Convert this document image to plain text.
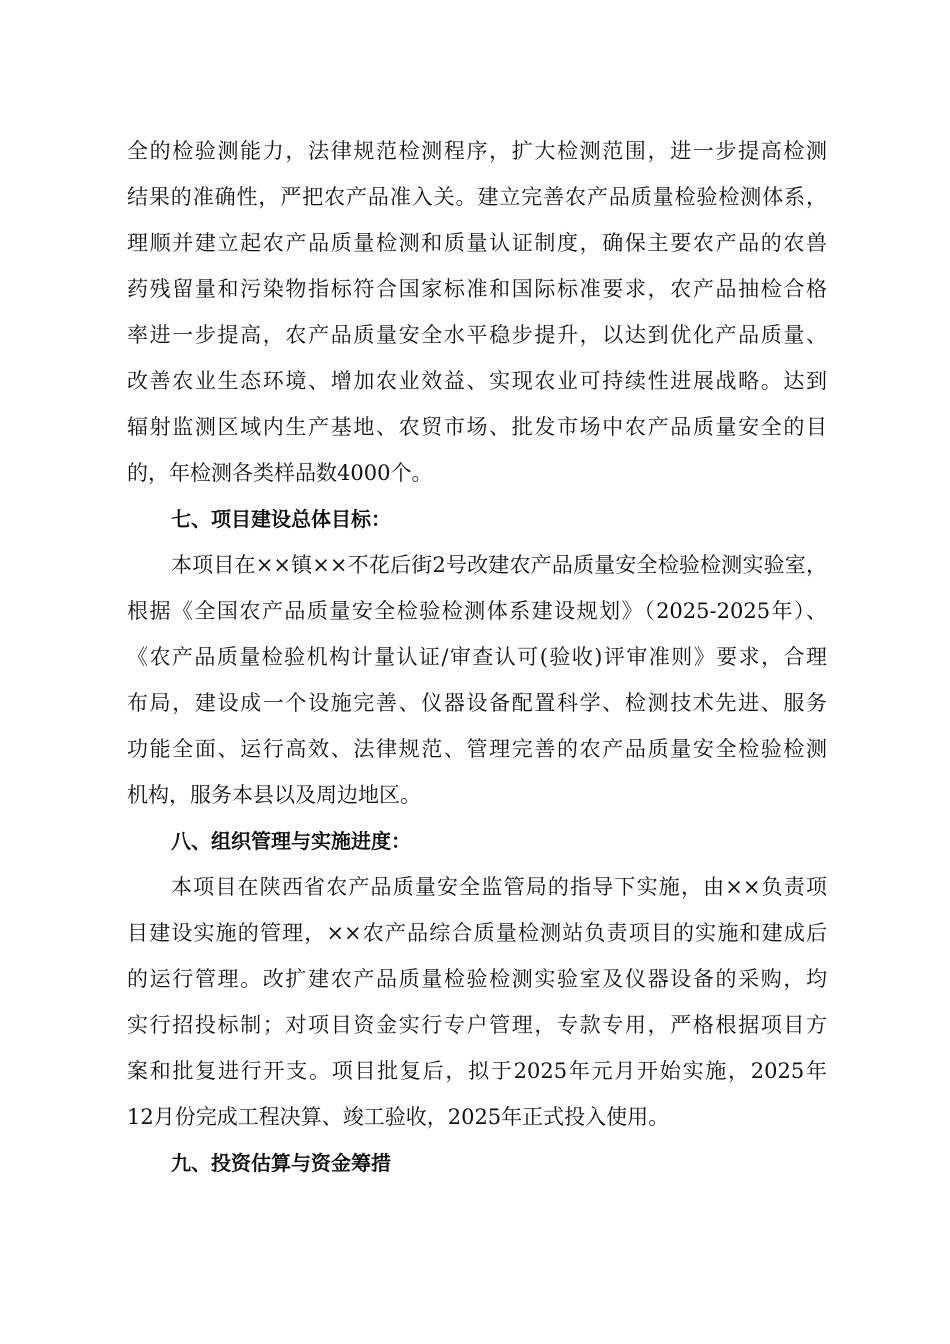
全的检验测能力，法律规范检测程序，扩大检测范围，进一步提高检测
结果的准确性，严把农产品准入关。建立完善农产品质量检验检测体系，
理顺并建立起农产品质量检测和质量认证制度，确保主要农产品的农兽
药残留量和污染物指标符合国家标准和国际标准要求，农产品抽检合格
率进一步提高，农产品质量安全水平稳步提升，以达到优化产品质量、
改善农业生态环境、增加农业效益、实现农业可持续性进展战略。达到
辐射监测区域内生产基地、农贸市场、批发市场中农产品质量安全的目
的，年检测各类样品数4000个。
七、项目建设总体目标：
本项目在××镇××不花后街2号改建农产品质量安全检验检测实验室，
根据《全国农产品质量安全检验检测体系建设规划》（2025-2025年）、
《农产品质量检验机构计量认证/审查认可(验收)评审准则》要求，合理
布局，建设成一个设施完善、仪器设备配置科学、检测技术先进、服务
功能全面、运行高效、法律规范、管理完善的农产品质量安全检验检测
机构，服务本县以及周边地区。
八、组织管理与实施进度：
本项目在陕西省农产品质量安全监管局的指导下实施，由××负责项
目建设实施的管理，××农产品综合质量检测站负责项目的实施和建成后
的运行管理。改扩建农产品质量检验检测实验室及仪器设备的采购，均
实行招投标制；对项目资金实行专户管理，专款专用，严格根据项目方
案和批复进行开支。项目批复后，拟于2025年元月开始实施，2025年
12月份完成工程决算、竣工验收，2025年正式投入使用。
九、投资估算与资金筹措
